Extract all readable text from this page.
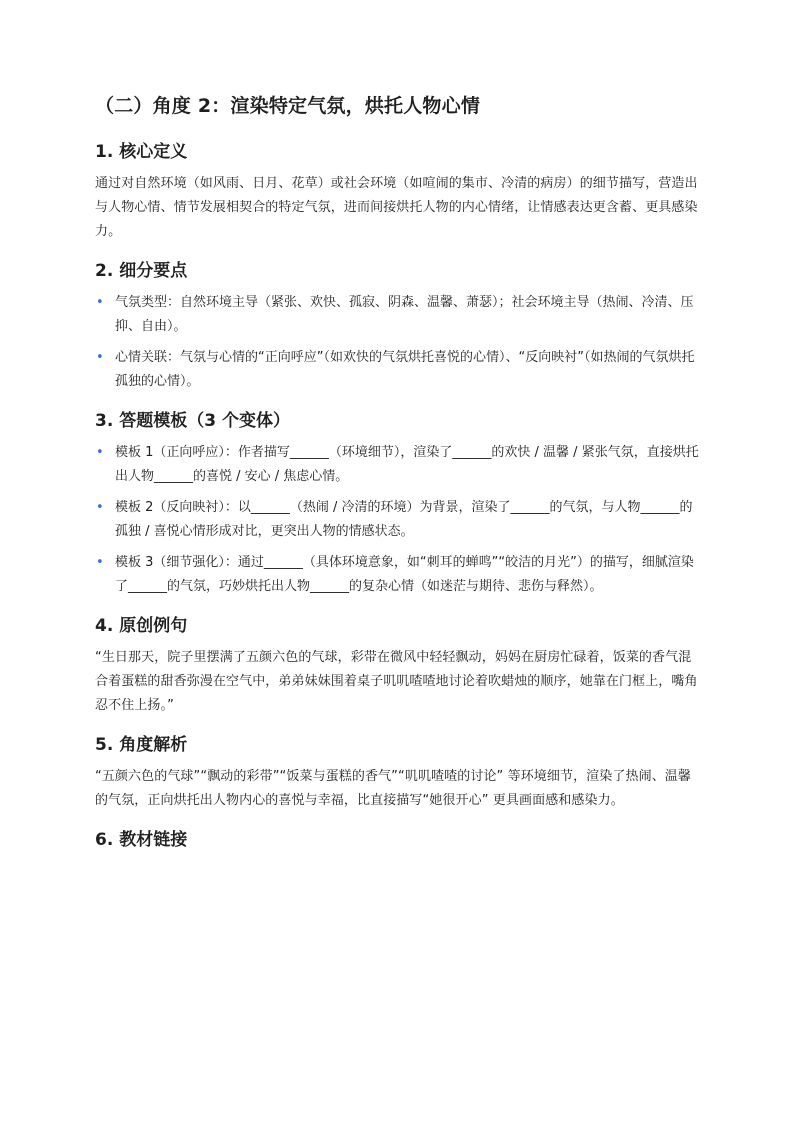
（二）角度 2：渲染特定气氛，烘托人物心情
1. 核心定义
通过对自然环境（如风雨、日月、花草）或社会环境（如喧闹的集市、冷清的病房）的细节描写，营造出与人物心情、情节发展相契合的特定气氛，进而间接烘托人物的内心情绪，让情感表达更含蓄、更具感染力。
2. 细分要点
• 气氛类型：自然环境主导（紧张、欢快、孤寂、阴森、温馨、萧瑟）；社会环境主导（热闹、冷清、压抑、自由）。
• 心情关联：气氛与心情的“正向呼应”（如欢快的气氛烘托喜悦的心情）、“反向映衬”（如热闹的气氛烘托孤独的心情）。
3. 答题模板（3 个变体）
• 模板 1（正向呼应）：作者描写______（环境细节），渲染了______的欢快 / 温馨 / 紧张气氛，直接烘托出人物______的喜悦 / 安心 / 焦虑心情。
• 模板 2（反向映衬）：以______（热闹 / 冷清的环境）为背景，渲染了______的气氛，与人物______的孤独 / 喜悦心情形成对比，更突出人物的情感状态。
• 模板 3（细节强化）：通过______（具体环境意象，如“刺耳的蝉鸣”“皎洁的月光”）的描写，细腻渲染了______的气氛，巧妙烘托出人物______的复杂心情（如迷茫与期待、悲伤与释然）。
4. 原创例句
“生日那天，院子里摆满了五颜六色的气球，彩带在微风中轻轻飘动，妈妈在厨房忙碌着，饭菜的香气混合着蛋糕的甜香弥漫在空气中，弟弟妹妹围着桌子叽叽喳喳地讨论着吹蜡烛的顺序，她靠在门框上，嘴角忍不住上扬。”
5. 角度解析
“五颜六色的气球”“飘动的彩带”“饭菜与蛋糕的香气”“叽叽喳喳的讨论” 等环境细节，渲染了热闹、温馨的气氛，正向烘托出人物内心的喜悦与幸福，比直接描写“她很开心” 更具画面感和感染力。
6. 教材链接
